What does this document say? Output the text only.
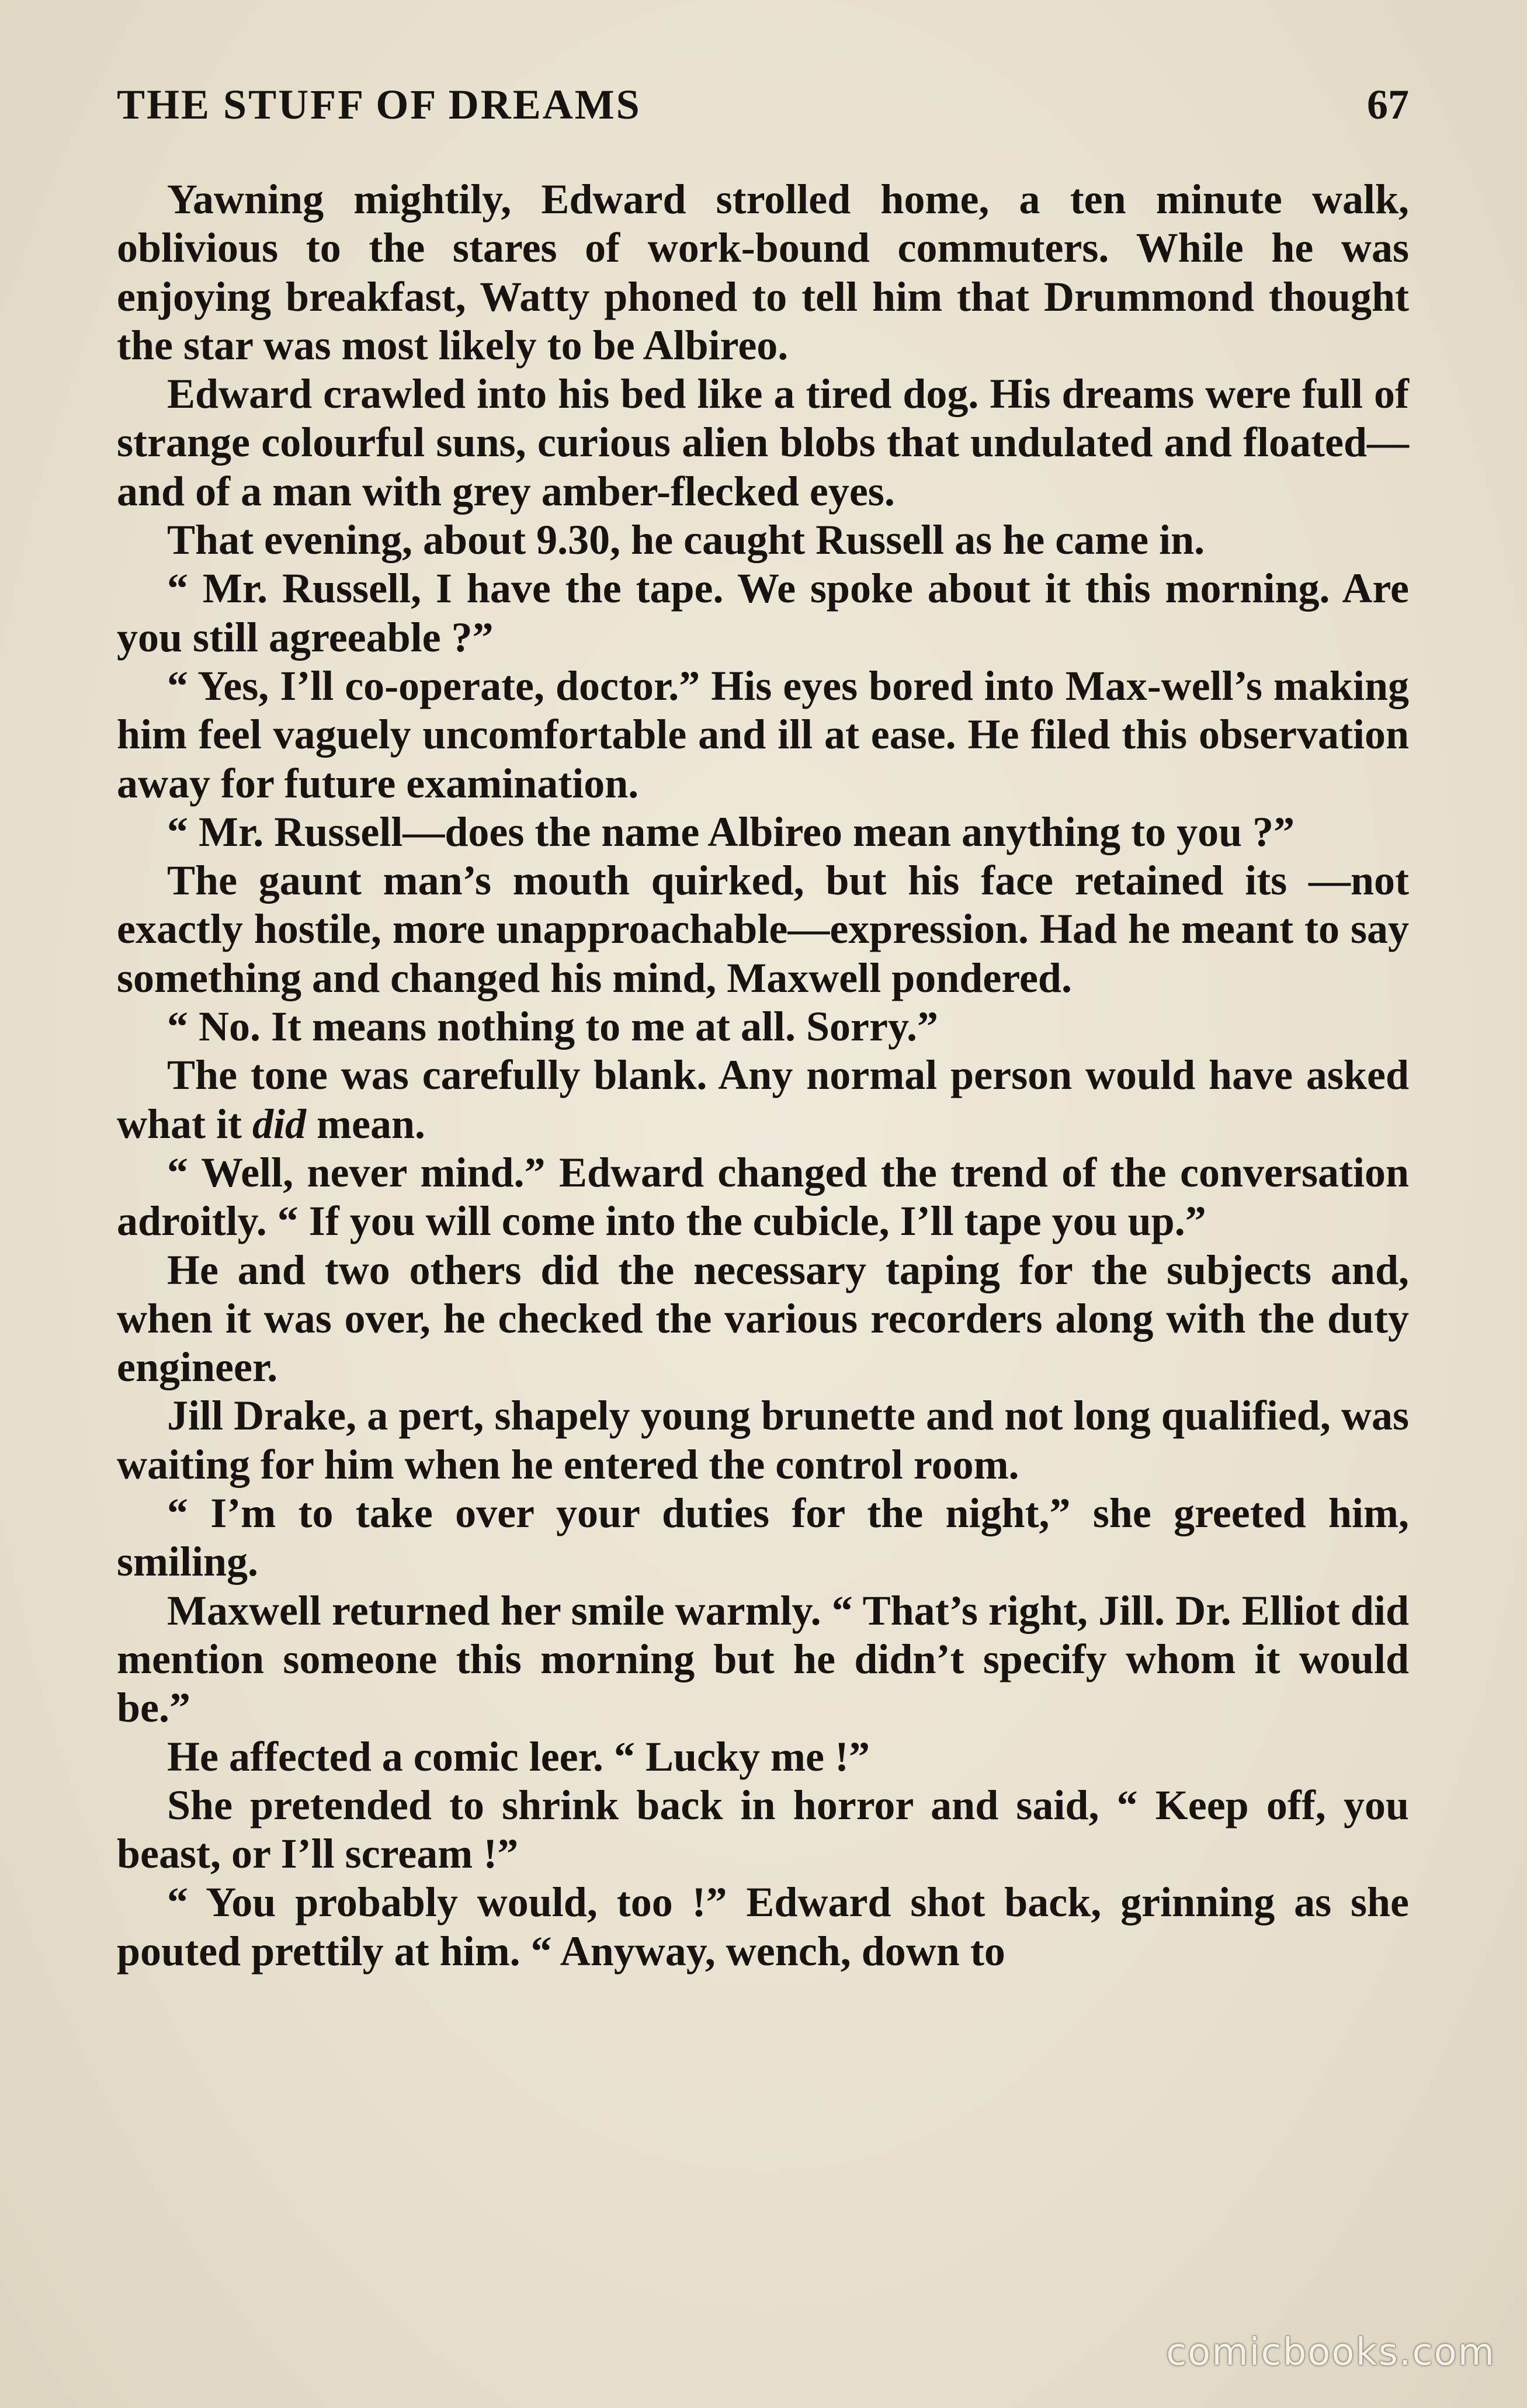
THE STUFF OF DREAMS	67

Yawning mightily, Edward strolled home, a ten minute walk, oblivious to the stares of work-bound commuters. While he was enjoying breakfast, Watty phoned to tell him that Drummond thought the star was most likely to be Albireo.

Edward crawled into his bed like a tired dog. His dreams were full of strange colourful suns, curious alien blobs that undulated and floated—and of a man with grey amber-flecked eyes.

That evening, about 9.30, he caught Russell as he came in.

“ Mr. Russell, I have the tape. We spoke about it this morning. Are you still agreeable ?”

“ Yes, I’ll co-operate, doctor.” His eyes bored into Max-well’s making him feel vaguely uncomfortable and ill at ease. He filed this observation away for future examination.

“ Mr. Russell—does the name Albireo mean anything to you ?”

The gaunt man’s mouth quirked, but his face retained its —not exactly hostile, more unapproachable—expression. Had he meant to say something and changed his mind, Maxwell pondered.

“ No. It means nothing to me at all. Sorry.”

The tone was carefully blank. Any normal person would have asked what it did mean.

“ Well, never mind.” Edward changed the trend of the conversation adroitly. “ If you will come into the cubicle, I’ll tape you up.”

He and two others did the necessary taping for the subjects and, when it was over, he checked the various recorders along with the duty engineer.

Jill Drake, a pert, shapely young brunette and not long qualified, was waiting for him when he entered the control room.

“ I’m to take over your duties for the night,” she greeted him, smiling.

Maxwell returned her smile warmly. “ That’s right, Jill. Dr. Elliot did mention someone this morning but he didn’t specify whom it would be.”

He affected a comic leer. “ Lucky me !”

She pretended to shrink back in horror and said, “ Keep off, you beast, or I’ll scream !”

“ You probably would, too !” Edward shot back, grinning as she pouted prettily at him. “ Anyway, wench, down to

comicbooks.com
